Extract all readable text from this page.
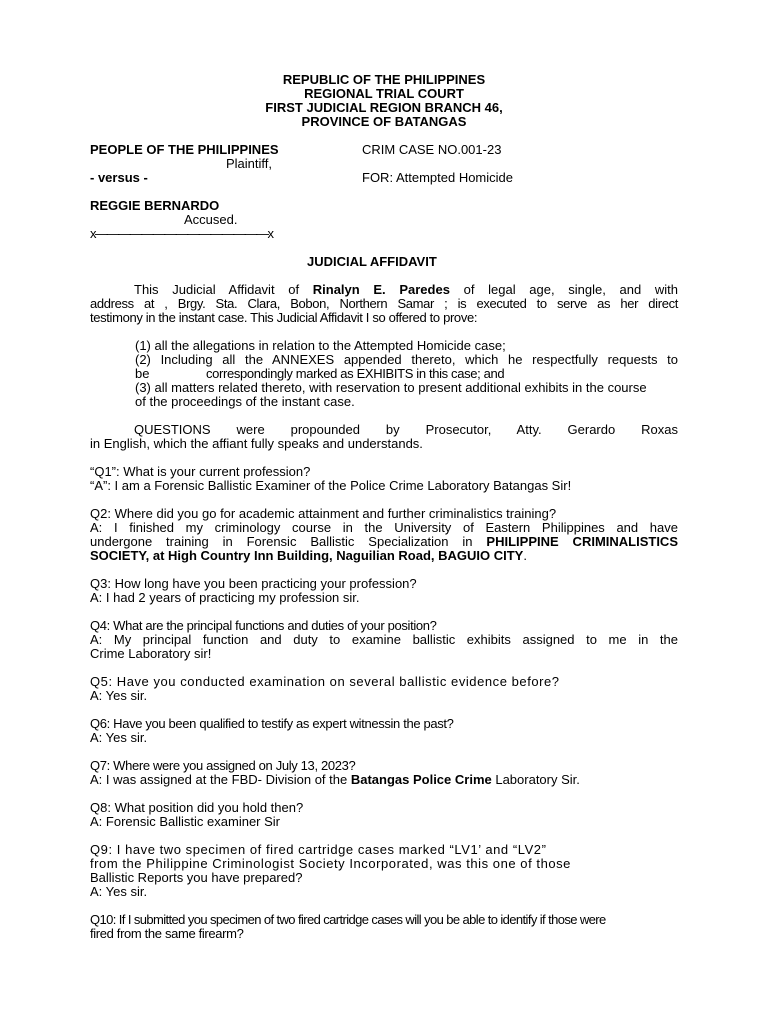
REPUBLIC OF THE PHILIPPINES
REGIONAL TRIAL COURT
FIRST JUDICIAL REGION BRANCH 46,
PROVINCE OF BATANGAS
PEOPLE OF THE PHILIPPINES
Plaintiff,
- versus -
CRIM CASE NO.001-23
FOR: Attempted Homicide
REGGIE BERNARDO
Accused.
x———————————————x
JUDICIAL AFFIDAVIT
This Judicial Affidavit of Rinalyn E. Paredes of legal age, single, and with
address at , Brgy. Sta. Clara, Bobon, Northern Samar ; is executed to serve as her direct
testimony in the instant case. This Judicial Affidavit I so offered to prove:
(1) all the allegations in relation to the Attempted Homicide case;
(2) Including all the ANNEXES appended thereto, which he respectfully requests to
be	correspondingly marked as EXHIBITS in this case; and
(3) all matters related thereto, with reservation to present additional exhibits in the course
of the proceedings of the instant case.
QUESTIONS were propounded by Prosecutor, Atty. Gerardo Roxas
in English, which the affiant fully speaks and understands.
“Q1”: What is your current profession?
“A”: I am a Forensic Ballistic Examiner of the Police Crime Laboratory Batangas Sir!
Q2: Where did you go for academic attainment and further criminalistics training?
A: I finished my criminology course in the University of Eastern Philippines and have
undergone training in Forensic Ballistic Specialization in PHILIPPINE CRIMINALISTICS
SOCIETY, at High Country Inn Building, Naguilian Road, BAGUIO CITY.
Q3: How long have you been practicing your profession?
A: I had 2 years of practicing my profession sir.
Q4: What are the principal functions and duties of your position?
A: My principal function and duty to examine ballistic exhibits assigned to me in the
Crime Laboratory sir!
Q5: Have you conducted examination on several ballistic evidence before?
A: Yes sir.
Q6: Have you been qualified to testify as expert witnessin the past?
A: Yes sir.
Q7: Where were you assigned on July 13, 2023?
A: I was assigned at the FBD- Division of the Batangas Police Crime Laboratory Sir.
Q8: What position did you hold then?
A: Forensic Ballistic examiner Sir
Q9: I have two specimen of fired cartridge cases marked “LV1’ and “LV2”
from the Philippine Criminologist Society Incorporated, was this one of those
Ballistic Reports you have prepared?
A: Yes sir.
Q10: If I submitted you specimen of two fired cartridge cases will you be able to identify if those were
fired from the same firearm?
